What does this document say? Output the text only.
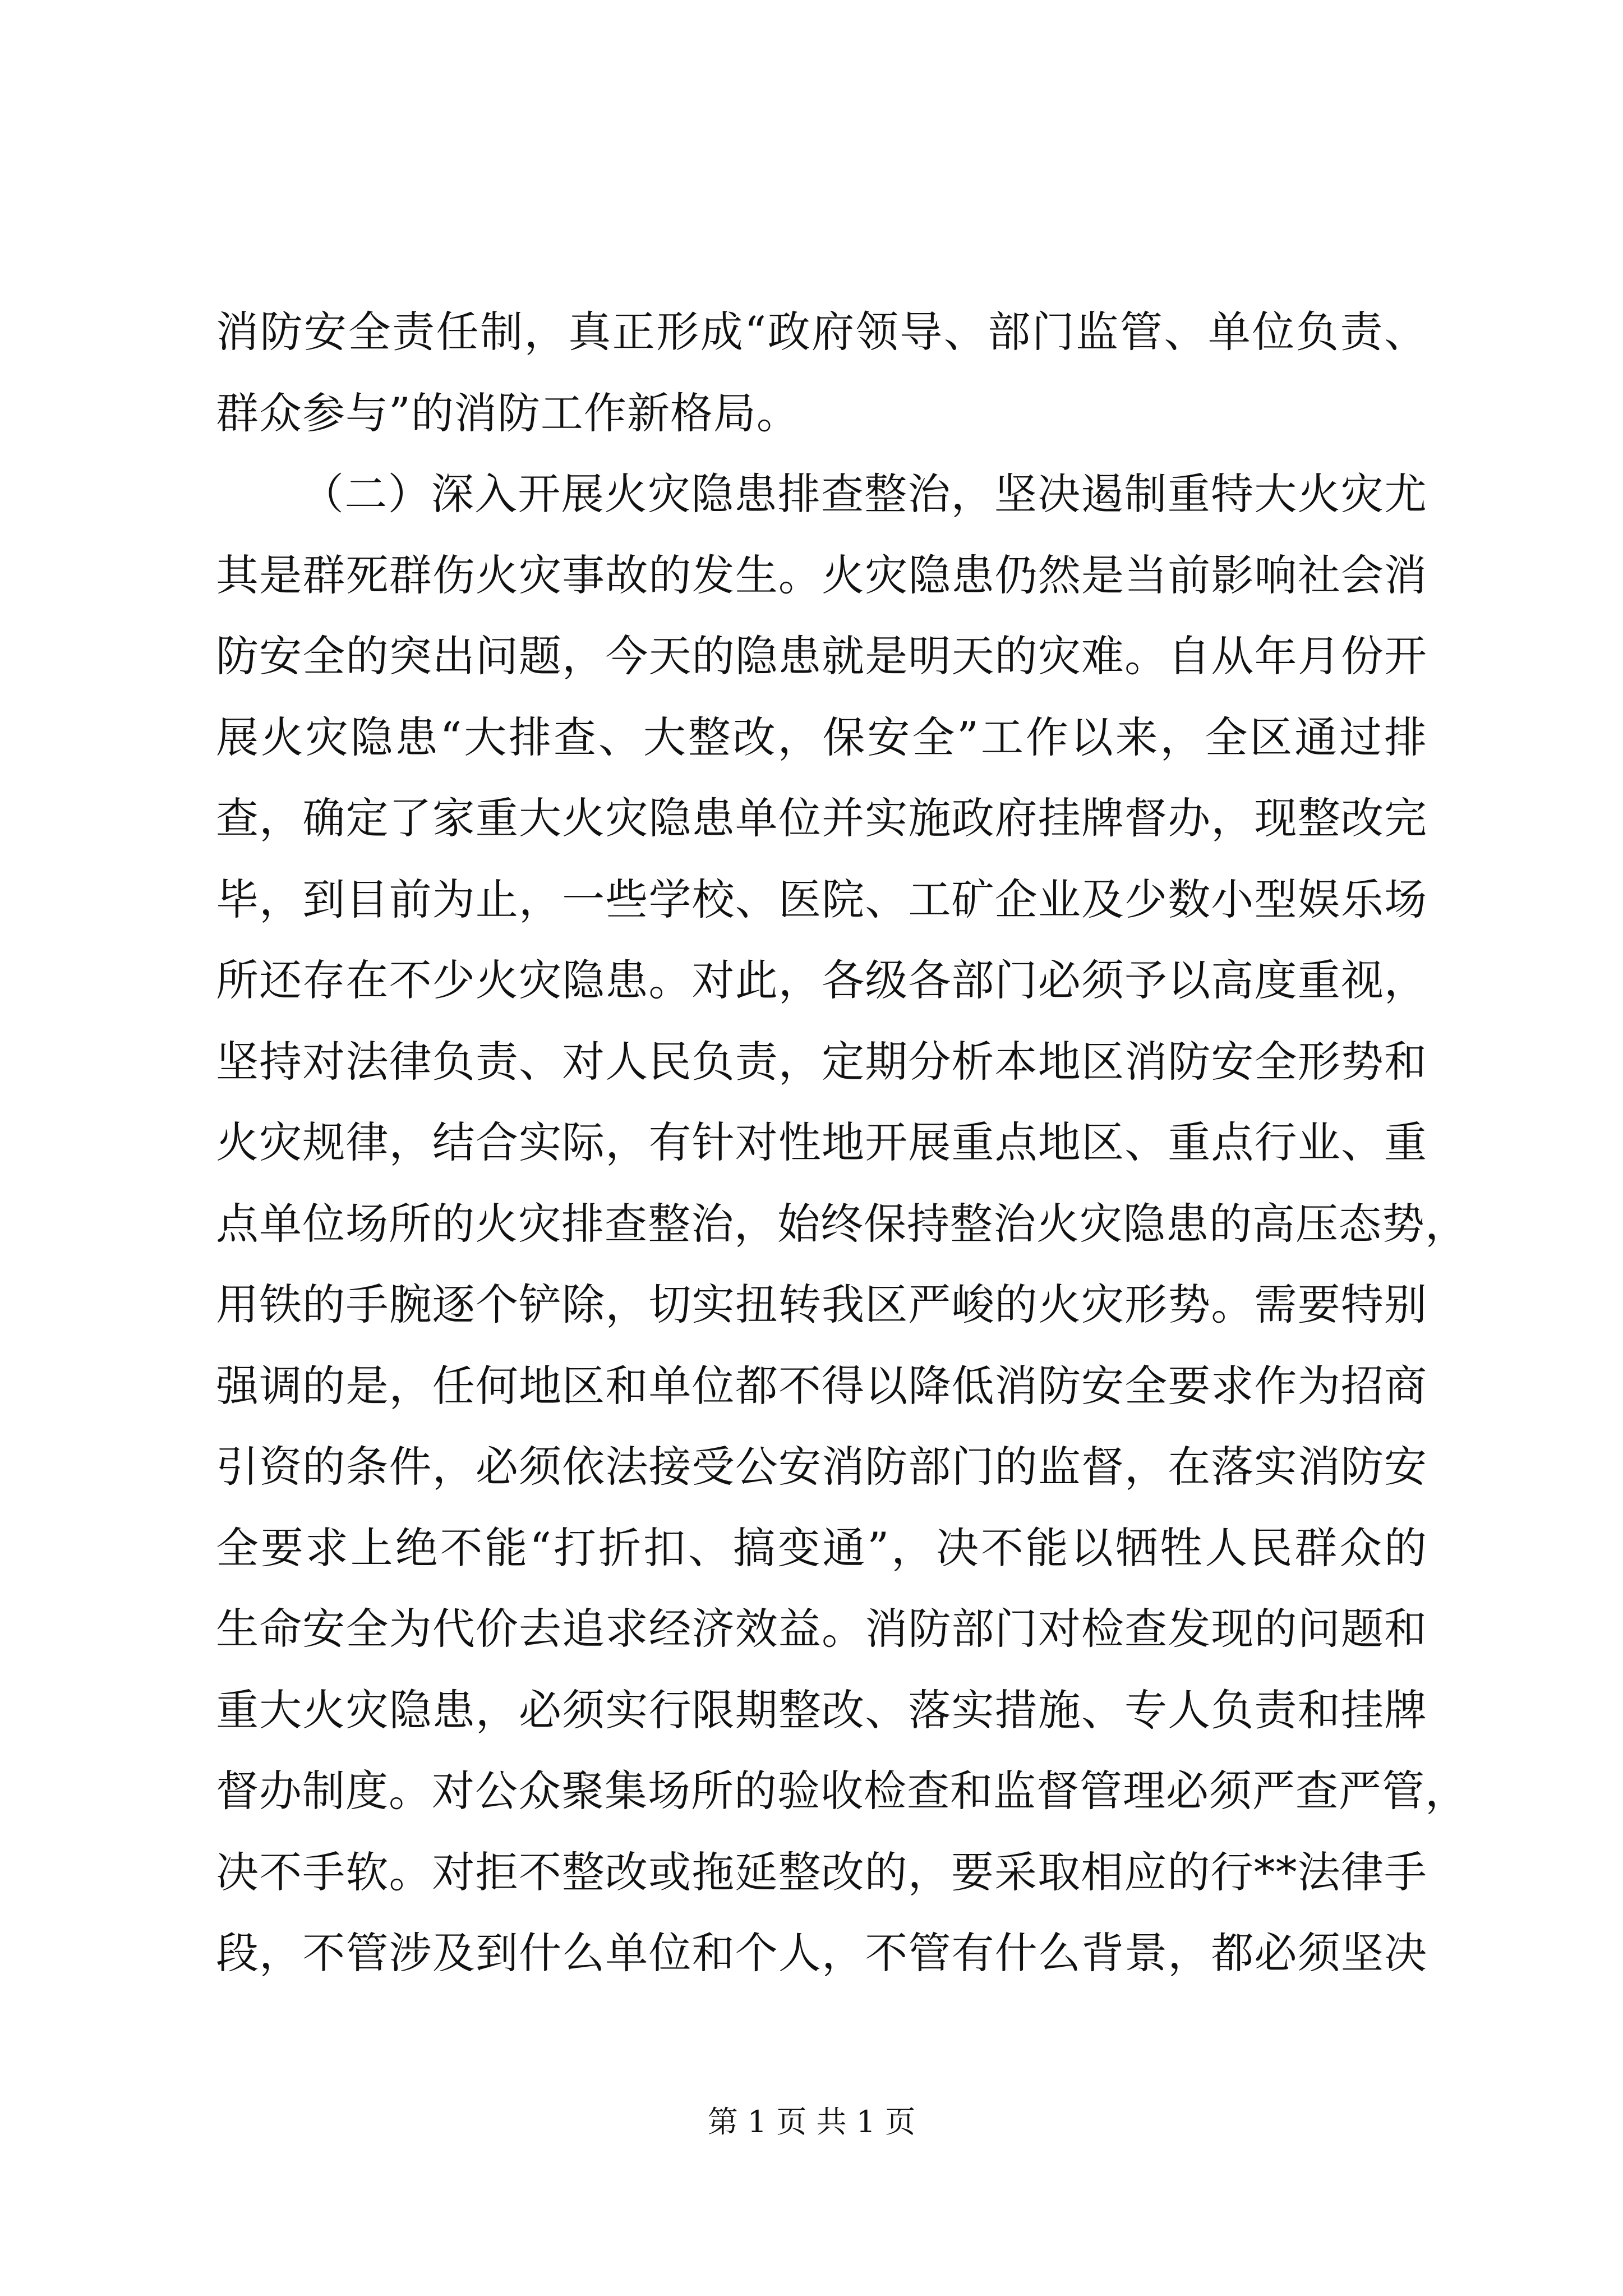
消防安全责任制，真正形成“政府领导、部门监管、单位负责、
群众参与”的消防工作新格局。
（二）深入开展火灾隐患排查整治，坚决遏制重特大火灾尤
其是群死群伤火灾事故的发生。火灾隐患仍然是当前影响社会消
防安全的突出问题，今天的隐患就是明天的灾难。自从年月份开
展火灾隐患“大排查、大整改，保安全”工作以来，全区通过排
查，确定了家重大火灾隐患单位并实施政府挂牌督办，现整改完
毕，到目前为止，一些学校、医院、工矿企业及少数小型娱乐场
所还存在不少火灾隐患。对此，各级各部门必须予以高度重视，
坚持对法律负责、对人民负责，定期分析本地区消防安全形势和
火灾规律，结合实际，有针对性地开展重点地区、重点行业、重
点单位场所的火灾排查整治，始终保持整治火灾隐患的高压态势，
用铁的手腕逐个铲除，切实扭转我区严峻的火灾形势。需要特别
强调的是，任何地区和单位都不得以降低消防安全要求作为招商
引资的条件，必须依法接受公安消防部门的监督，在落实消防安
全要求上绝不能“打折扣、搞变通”，决不能以牺牲人民群众的
生命安全为代价去追求经济效益。消防部门对检查发现的问题和
重大火灾隐患，必须实行限期整改、落实措施、专人负责和挂牌
督办制度。对公众聚集场所的验收检查和监督管理必须严查严管，
决不手软。对拒不整改或拖延整改的，要采取相应的行**法律手
段，不管涉及到什么单位和个人，不管有什么背景，都必须坚决
第 1 页 共 1 页
